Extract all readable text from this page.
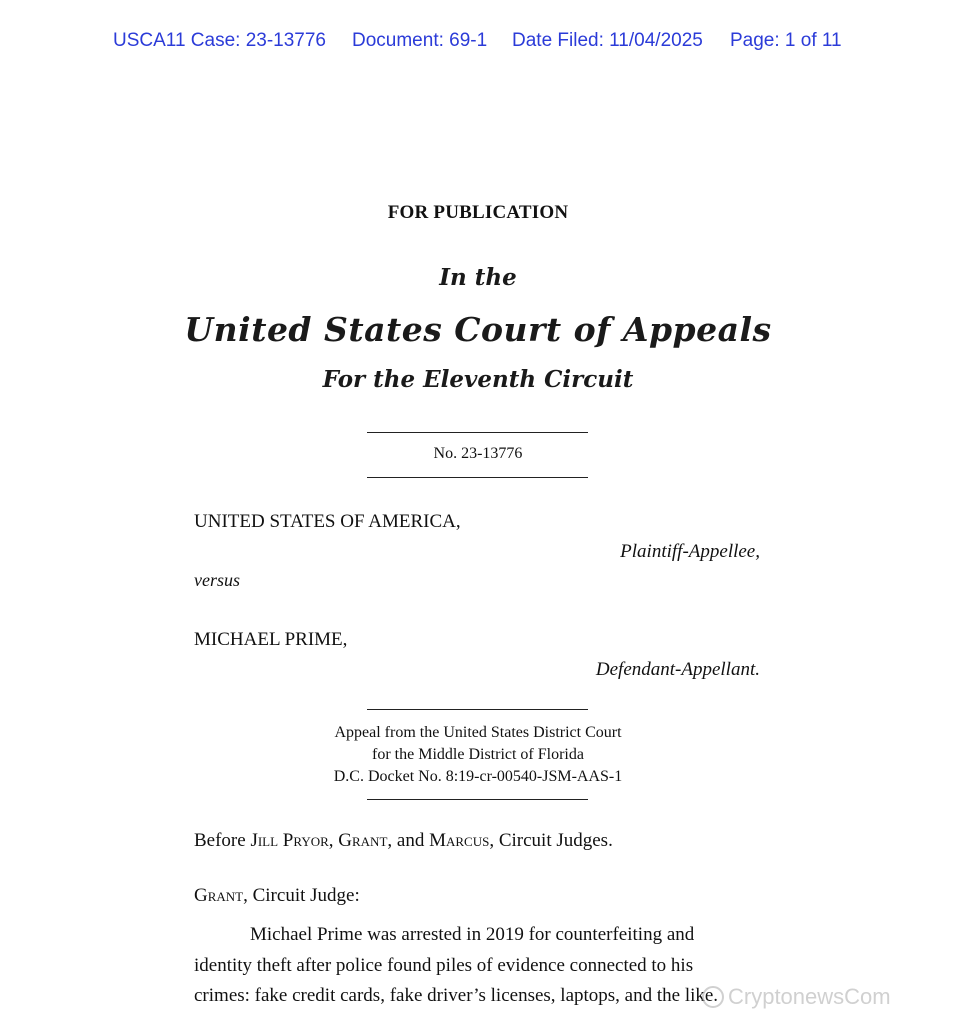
USCA11 Case: 23-13776 Document: 69-1 Date Filed: 11/04/2025 Page: 1 of 11
FOR PUBLICATION
In the
United States Court of Appeals
For the Eleventh Circuit
No. 23-13776
UNITED STATES OF AMERICA,
Plaintiff-Appellee,
versus
MICHAEL PRIME,
Defendant-Appellant.
Appeal from the United States District Court
for the Middle District of Florida
D.C. Docket No. 8:19-cr-00540-JSM-AAS-1
Before Jill Pryor, Grant, and Marcus, Circuit Judges.
Grant, Circuit Judge:
Michael Prime was arrested in 2019 for counterfeiting and
identity theft after police found piles of evidence connected to his
crimes: fake credit cards, fake driver’s licenses, laptops, and the like. CryptonewsCom
